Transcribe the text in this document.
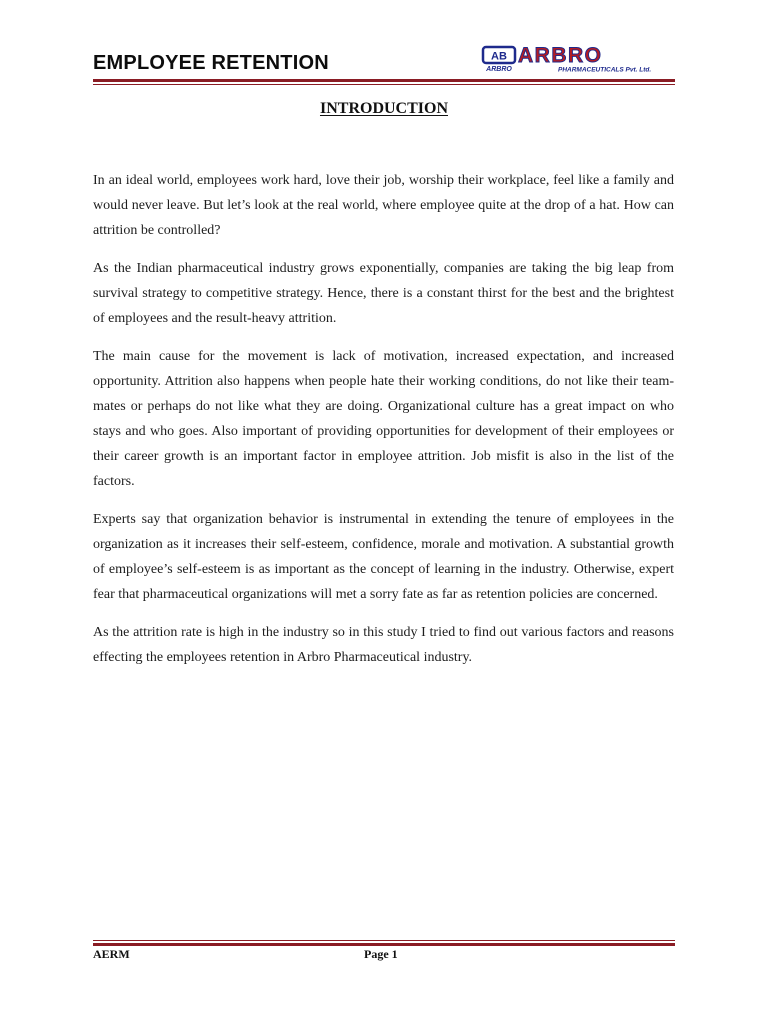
EMPLOYEE RETENTION	AB
ARBRO
ARBRO
PHARMACEUTICALS Pvt. Ltd.
INTRODUCTION

In an ideal world, employees work hard, love their job, worship their workplace, feel like a family and would never leave. But let’s look at the real world, where employee quite at the drop of a hat. How can attrition be controlled?

As the Indian pharmaceutical industry grows exponentially, companies are taking the big leap from survival strategy to competitive strategy. Hence, there is a constant thirst for the best and the brightest of employees and the result-heavy attrition.

The main cause for the movement is lack of motivation, increased expectation, and increased opportunity. Attrition also happens when people hate their working conditions, do not like their team-mates or perhaps do not like what they are doing. Organizational culture has a great impact on who stays and who goes. Also important of providing opportunities for development of their employees or their career growth is an important factor in employee attrition. Job misfit is also in the list of the factors.

Experts say that organization behavior is instrumental in extending the tenure of employees in the organization as it increases their self-esteem, confidence, morale and motivation. A substantial growth of employee’s self-esteem is as important as the concept of learning in the industry. Otherwise, expert fear that pharmaceutical organizations will met a sorry fate as far as retention policies are concerned.

As the attrition rate is high in the industry so in this study I tried to find out various factors and reasons effecting the employees retention in Arbro Pharmaceutical industry.

AERM	Page 1
